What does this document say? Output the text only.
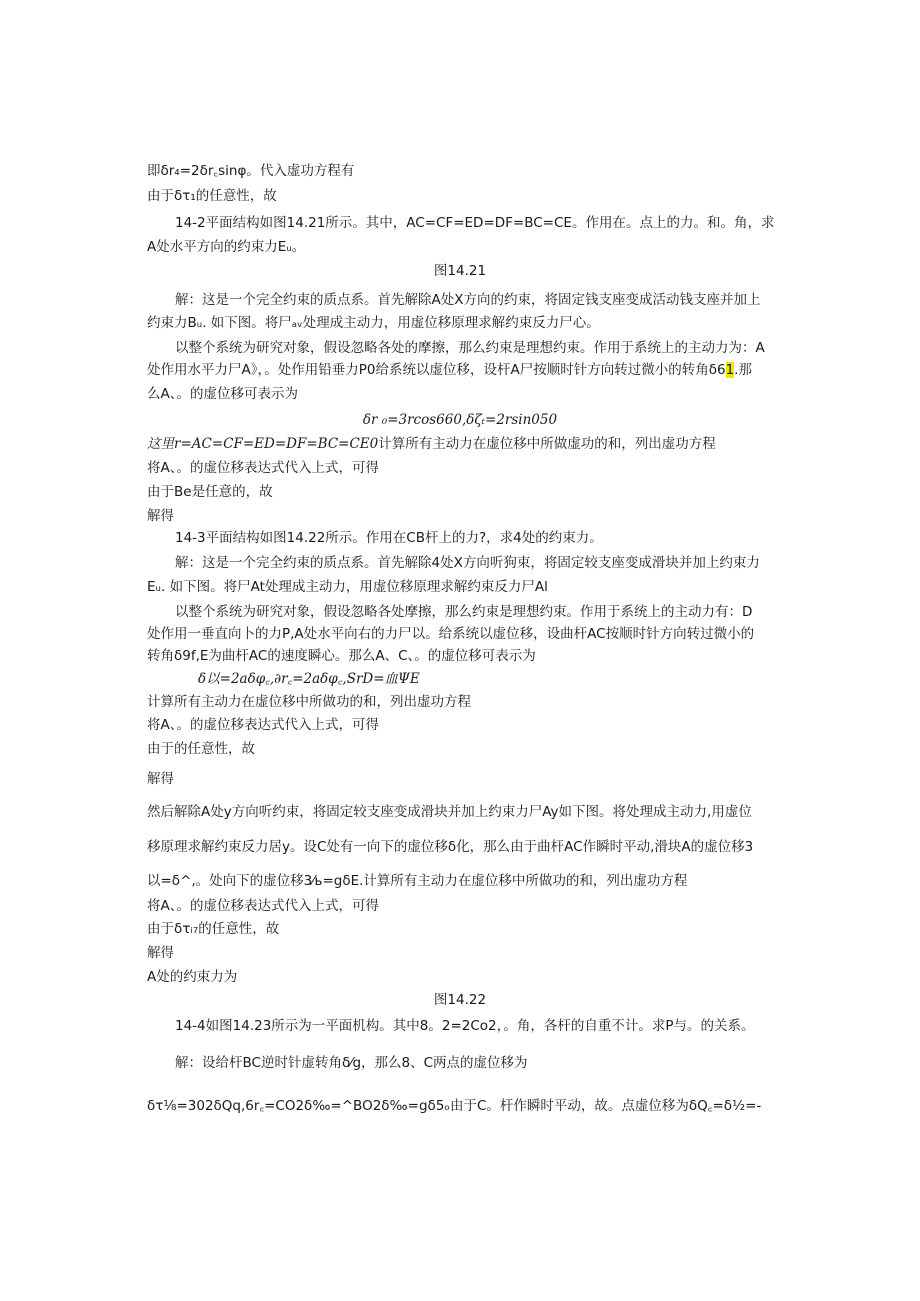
即δr₄=2δr꜀sinφ。代入虚功方程有
由于δτ₁的任意性，故
14-2平面结构如图14.21所示。其中，AC=CF=ED=DF=BC=CE。作用在。点上的力。和。角，求
A处水平方向的约束力Eᵤ。
图14.21
解：这是一个完全约束的质点系。首先解除A处X方向的约束，将固定钱支座变成活动钱支座并加上
约束力Bᵤ. 如下图。将尸ₐᵥ处理成主动力，用虚位移原理求解约束反力尸心。
以整个系统为研究对象，假设忽略各处的摩擦，那么约束是理想约束。作用于系统上的主动力为：A
处作用水平力尸A》，。处作用铅垂力P0给系统以虚位移，设杆A尸按顺时针方向转过微小的转角δ61.那
么A、。的虚位移可表示为
δr ₀=3rcos660,δζₜ=2rsin050
这里r=AC=CF=ED=DF=BC=CE0计算所有主动力在虚位移中所做虚功的和，列出虚功方程
将A、。的虚位移表达式代入上式，可得
由于Be是任意的，故
解得
14-3平面结构如图14.22所示。作用在CB杆上的力?，求4处的约束力。
解：这是一个完全约束的质点系。首先解除4处X方向听狗束，将固定较支座变成滑块并加上约束力
Eᵤ. 如下图。将尸At处理成主动力，用虚位移原理求解约束反力尸Al
以整个系统为研究对象，假设忽略各处摩擦，那么约束是理想约束。作用于系统上的主动力有：D
处作用一垂直向卜的力P,A处水平向右的力尸以。给系统以虚位移，设曲杆AC按顺时针方向转过微小的
转角δ9f,E为曲杆AC的速度瞬心。那么A、C、。的虚位移可表示为
δ以=2aδφ꜀,∂r꜀=2aδφ꜀,SrD=血ΨE
计算所有主动力在虚位移中所做功的和，列出虚功方程
将A、。的虚位移表达式代入上式，可得
由于的任意性，故
解得
然后解除A处y方向听约束，将固定较支座变成滑块并加上约束力尸Ay如下图。将处理成主动力,用虚位
移原理求解约束反力居y。设C处有一向下的虚位移δ化，那么由于曲杆AC作瞬时平动,滑块A的虚位移3
以=δ^,。处向下的虚位移3⁄ь=gδE.计算所有主动力在虚位移中所做功的和，列出虚功方程
将A、。的虚位移表达式代入上式，可得
由于δτᵢ₇的任意性，故
解得
A处的约束力为
图14.22
14-4如图14.23所示为一平面机构。其中8。2=2Co2，。角，各杆的自重不计。求P与。的关系。
解：设给杆BC逆时针虚转角δ⁄g，那么8、C两点的虚位移为
δτ⅛=302δQq,6r꜀=CO2δ‰=^BO2δ‰=gδ5ₒ由于C。杆作瞬时平动，故。点虚位移为δQ꜀=δ⅟₂=-
